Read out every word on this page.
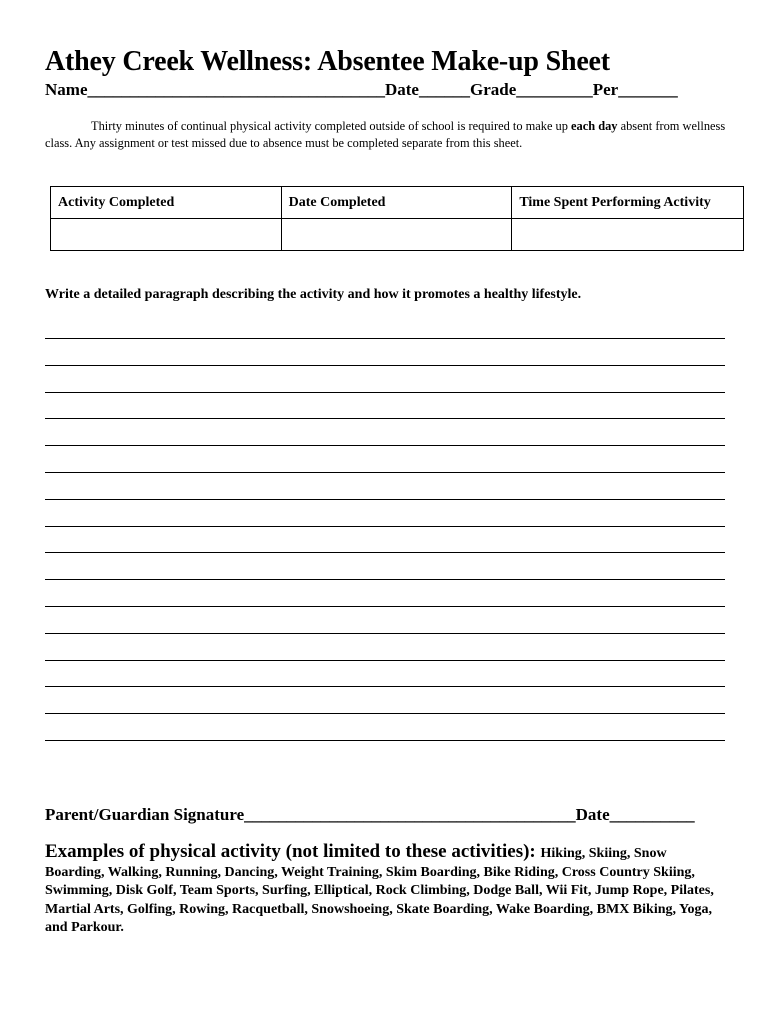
Athey Creek Wellness: Absentee Make-up Sheet
Name___________________________________Date______Grade_________Per_______
Thirty minutes of continual physical activity completed outside of school is required to make up each day absent from wellness class. Any assignment or test missed due to absence must be completed separate from this sheet.
Activity Completed	Date Completed	Time Spent Performing Activity

Write a detailed paragraph describing the activity and how it promotes a healthy lifestyle.
Parent/Guardian Signature_______________________________________Date__________
Examples of physical activity (not limited to these activities): Hiking, Skiing, Snow Boarding, Walking, Running, Dancing, Weight Training, Skim Boarding, Bike Riding, Cross Country Skiing, Swimming, Disk Golf, Team Sports, Surfing, Elliptical, Rock Climbing, Dodge Ball, Wii Fit, Jump Rope, Pilates, Martial Arts, Golfing, Rowing, Racquetball, Snowshoeing, Skate Boarding, Wake Boarding, BMX Biking, Yoga, and Parkour.
